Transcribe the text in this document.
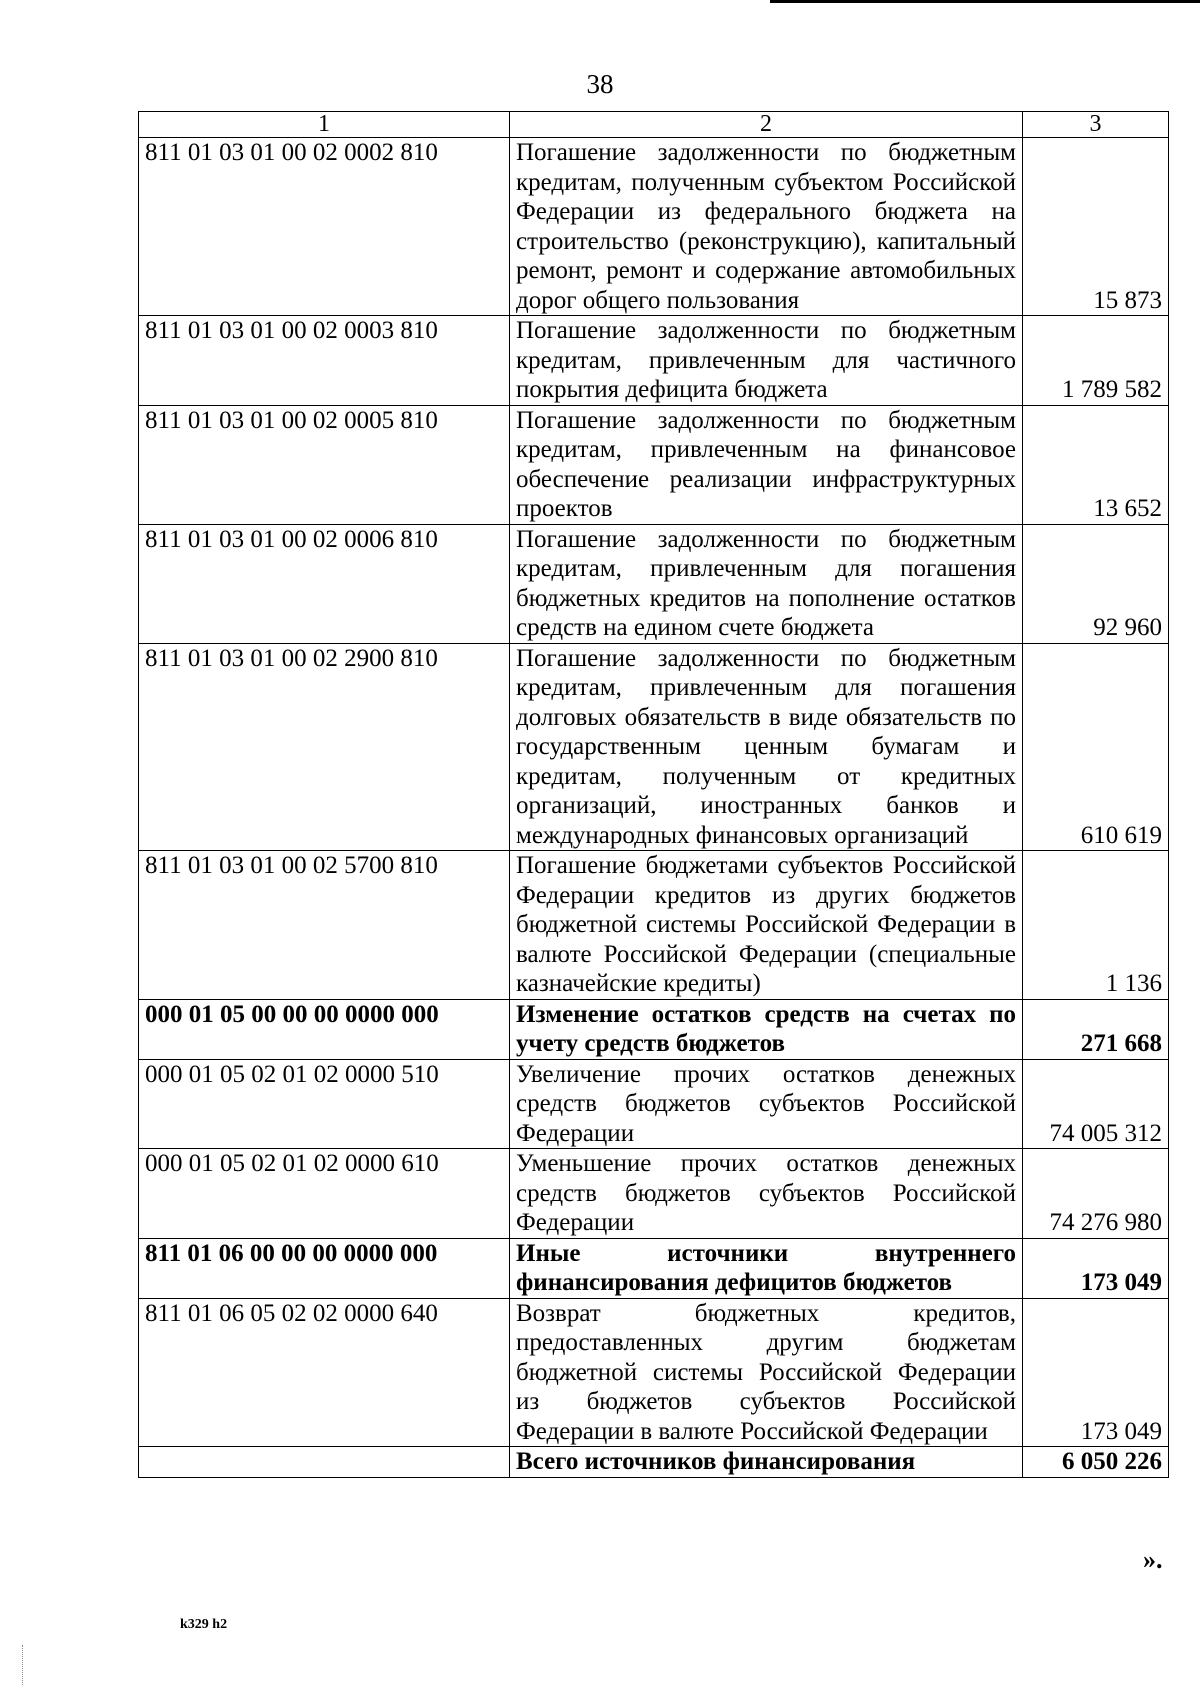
38
1	2	3
811 01 03 01 00 02 0002 810	Погашение задолженности по бюджетным кредитам, полученным субъектом Российской Федерации из федерального бюджета на строительство (реконструкцию), капитальный ремонт, ремонт и содержание автомобильных дорог общего пользования	15 873
811 01 03 01 00 02 0003 810	Погашение задолженности по бюджетным кредитам, привлеченным для частичного покрытия дефицита бюджета	1 789 582
811 01 03 01 00 02 0005 810	Погашение задолженности по бюджетным кредитам, привлеченным на финансовое обеспечение реализации инфраструктурных проектов	13 652
811 01 03 01 00 02 0006 810	Погашение задолженности по бюджетным кредитам, привлеченным для погашения бюджетных кредитов на пополнение остатков средств на едином счете бюджета	92 960
811 01 03 01 00 02 2900 810	Погашение задолженности по бюджетным кредитам, привлеченным для погашения долговых обязательств в виде обязательств по государственным ценным бумагам и кредитам, полученным от кредитных организаций, иностранных банков и международных финансовых организаций	610 619
811 01 03 01 00 02 5700 810	Погашение бюджетами субъектов Российской Федерации кредитов из других бюджетов бюджетной системы Российской Федерации в валюте Российской Федерации (специальные казначейские кредиты)	1 136
000 01 05 00 00 00 0000 000	Изменение остатков средств на счетах по учету средств бюджетов	271 668
000 01 05 02 01 02 0000 510	Увеличение прочих остатков денежных средств бюджетов субъектов Российской Федерации	74 005 312
000 01 05 02 01 02 0000 610	Уменьшение прочих остатков денежных средств бюджетов субъектов Российской Федерации	74 276 980
811 01 06 00 00 00 0000 000	Иные источники внутреннего финансирования дефицитов бюджетов	173 049
811 01 06 05 02 02 0000 640	Возврат бюджетных кредитов, предоставленных другим бюджетам бюджетной системы Российской Федерации из бюджетов субъектов Российской Федерации в валюте Российской Федерации	173 049
	Всего источников финансирования	6 050 226
».
k329 h2
